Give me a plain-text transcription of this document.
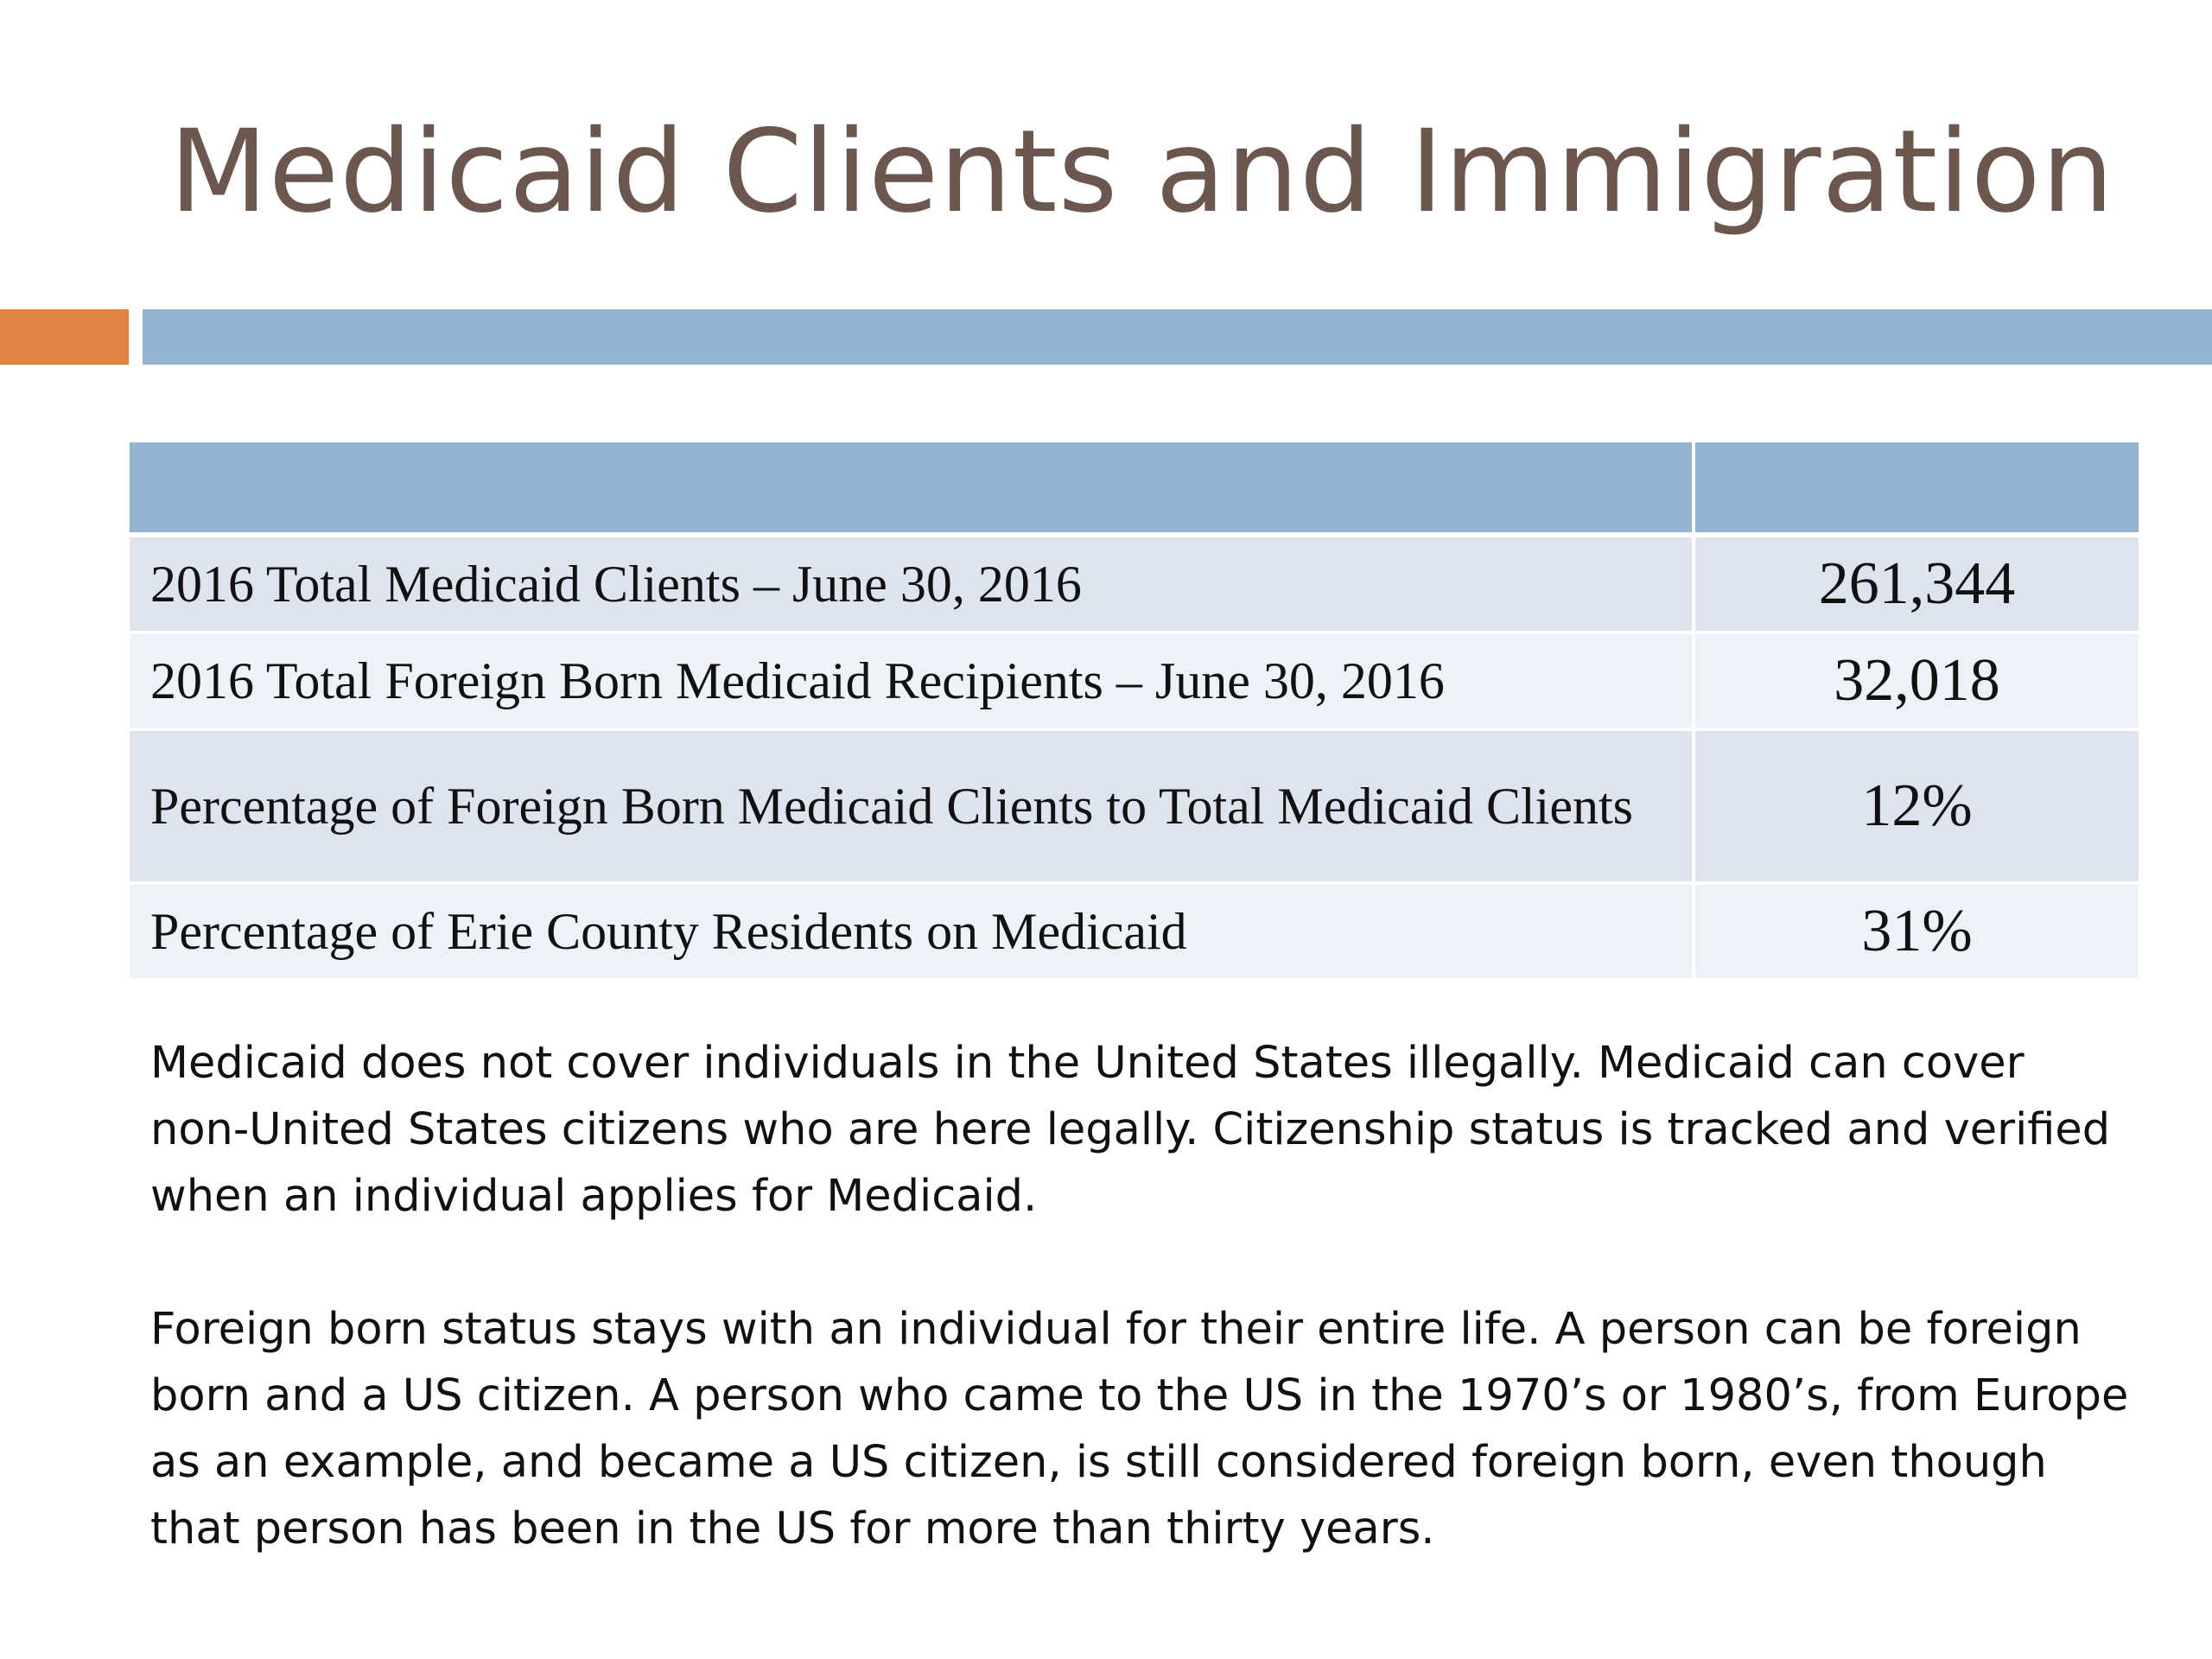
Medicaid Clients and Immigration

2016 Total Medicaid Clients – June 30, 2016	261,344
2016 Total Foreign Born Medicaid Recipients – June 30, 2016	32,018
Percentage of Foreign Born Medicaid Clients to Total Medicaid Clients	12%
Percentage of Erie County Residents on Medicaid	31%

Medicaid does not cover individuals in the United States illegally. Medicaid can cover non-United States citizens who are here legally. Citizenship status is tracked and verified when an individual applies for Medicaid.

Foreign born status stays with an individual for their entire life. A person can be foreign born and a US citizen. A person who came to the US in the 1970’s or 1980’s, from Europe as an example, and became a US citizen, is still considered foreign born, even though that person has been in the US for more than thirty years.
